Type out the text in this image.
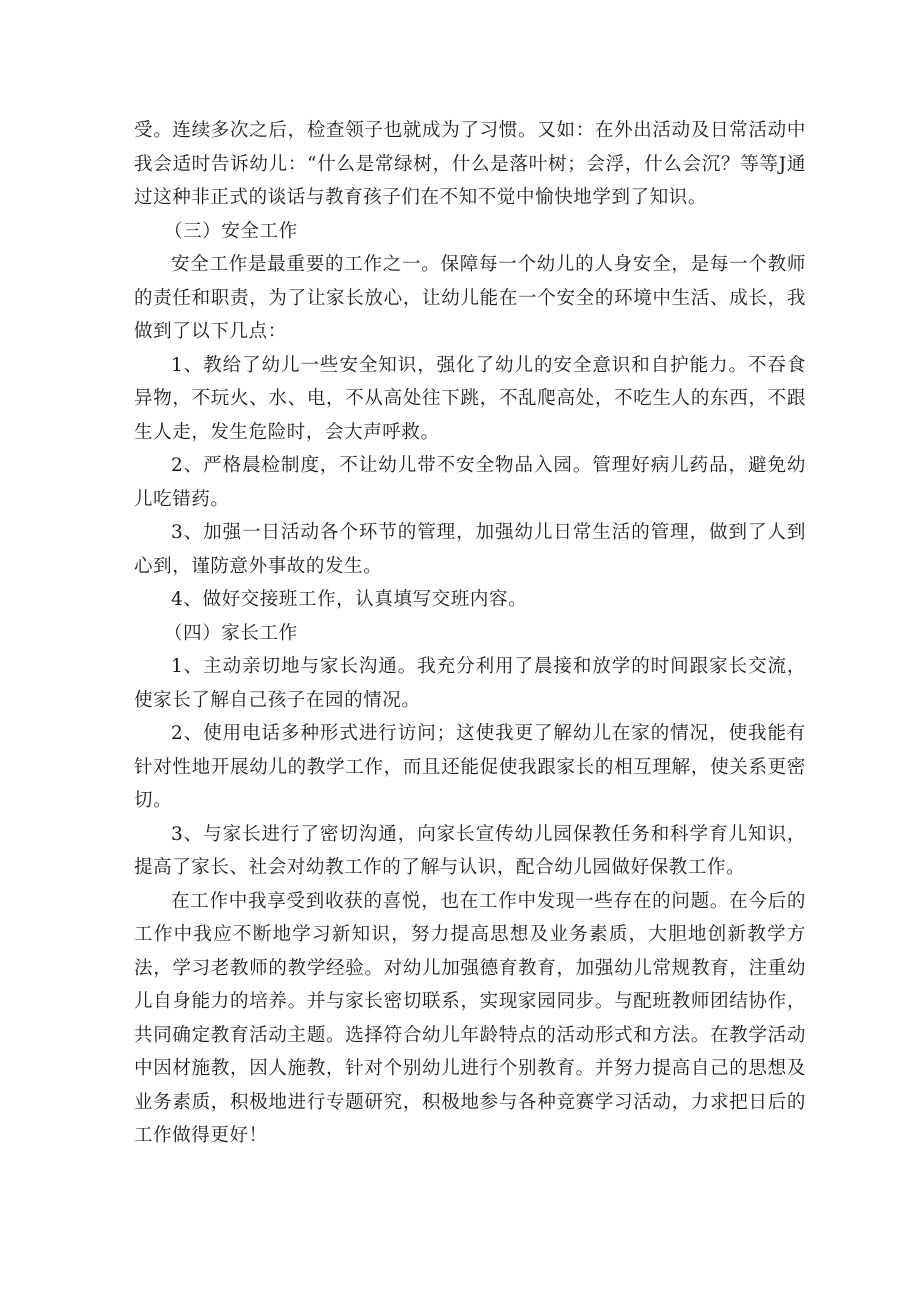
受。连续多次之后，检查领子也就成为了习惯。又如：在外出活动及日常活动中我会适时告诉幼儿：“什么是常绿树，什么是落叶树；会浮，什么会沉？等等J通过这种非正式的谈话与教育孩子们在不知不觉中愉快地学到了知识。

（三）安全工作

安全工作是最重要的工作之一。保障每一个幼儿的人身安全，是每一个教师的责任和职责，为了让家长放心，让幼儿能在一个安全的环境中生活、成长，我做到了以下几点：

1、教给了幼儿一些安全知识，强化了幼儿的安全意识和自护能力。不吞食异物，不玩火、水、电，不从高处往下跳，不乱爬高处，不吃生人的东西，不跟生人走，发生危险时，会大声呼救。

2、严格晨检制度，不让幼儿带不安全物品入园。管理好病儿药品，避免幼儿吃错药。

3、加强一日活动各个环节的管理，加强幼儿日常生活的管理，做到了人到心到，谨防意外事故的发生。

4、做好交接班工作，认真填写交班内容。

（四）家长工作

1、主动亲切地与家长沟通。我充分利用了晨接和放学的时间跟家长交流，使家长了解自己孩子在园的情况。

2、使用电话多种形式进行访问；这使我更了解幼儿在家的情况，使我能有针对性地开展幼儿的教学工作，而且还能促使我跟家长的相互理解，使关系更密切。

3、与家长进行了密切沟通，向家长宣传幼儿园保教任务和科学育儿知识，提高了家长、社会对幼教工作的了解与认识，配合幼儿园做好保教工作。

在工作中我享受到收获的喜悦，也在工作中发现一些存在的问题。在今后的工作中我应不断地学习新知识，努力提高思想及业务素质，大胆地创新教学方法，学习老教师的教学经验。对幼儿加强德育教育，加强幼儿常规教育，注重幼儿自身能力的培养。并与家长密切联系，实现家园同步。与配班教师团结协作，共同确定教育活动主题。选择符合幼儿年龄特点的活动形式和方法。在教学活动中因材施教，因人施教，针对个别幼儿进行个别教育。并努力提高自己的思想及业务素质，积极地进行专题研究，积极地参与各种竞赛学习活动，力求把日后的工作做得更好！
